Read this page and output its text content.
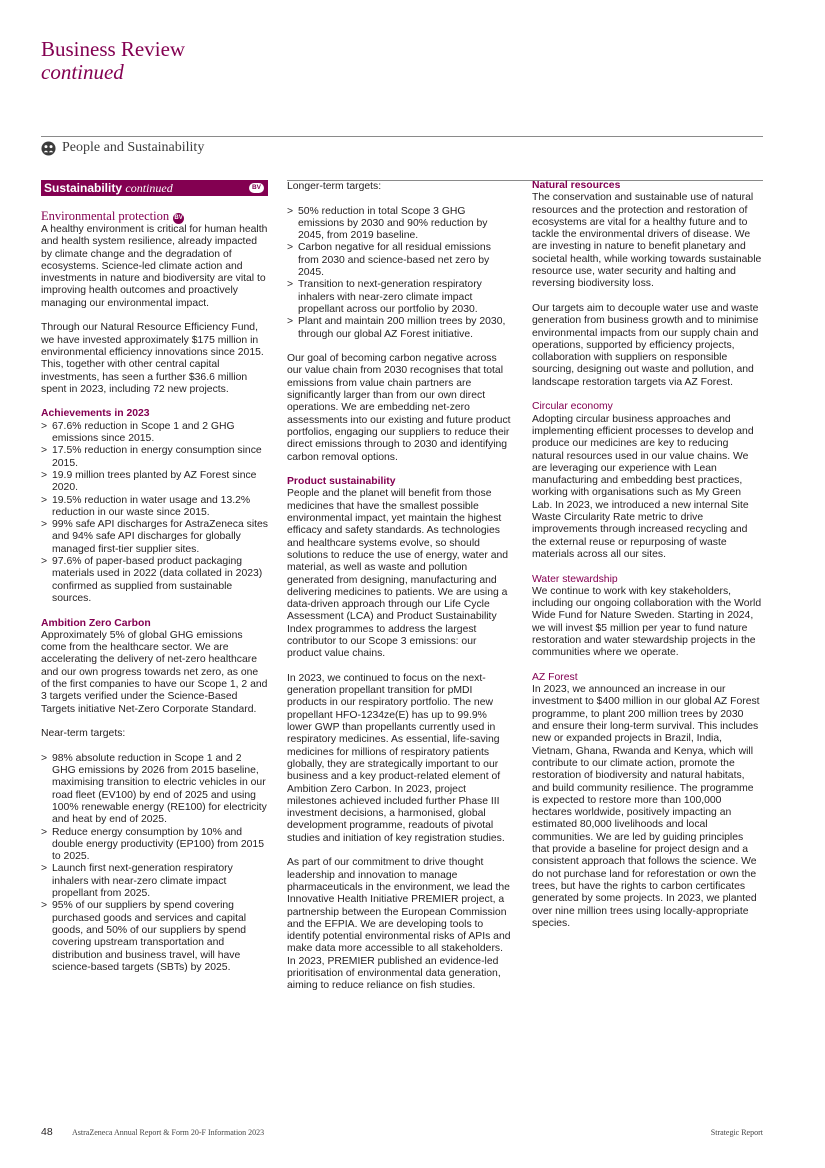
Business Review
continued
People and Sustainability
Sustainability continued	BV
Environmental protection BV

A healthy environment is critical for human health and health system resilience, already impacted by climate change and the degradation of ecosystems. Science-led climate action and investments in nature and biodiversity are vital to improving health outcomes and proactively managing our environmental impact.

Through our Natural Resource Efficiency Fund, we have invested approximately $175 million in environmental efficiency innovations since 2015. This, together with other central capital investments, has seen a further $36.6 million spent in 2023, including 72 new projects.

Achievements in 2023
> 67.6% reduction in Scope 1 and 2 GHG emissions since 2015.
> 17.5% reduction in energy consumption since 2015.
> 19.9 million trees planted by AZ Forest since 2020.
> 19.5% reduction in water usage and 13.2% reduction in our waste since 2015.
> 99% safe API discharges for AstraZeneca sites and 94% safe API discharges for globally managed first-tier supplier sites.
> 97.6% of paper-based product packaging materials used in 2022 (data collated in 2023) confirmed as supplied from sustainable sources.
Ambition Zero Carbon

Approximately 5% of global GHG emissions come from the healthcare sector. We are accelerating the delivery of net-zero healthcare and our own progress towards net zero, as one of the first companies to have our Scope 1, 2 and 3 targets verified under the Science-Based Targets initiative Net-Zero Corporate Standard.

Near-term targets:

> 98% absolute reduction in Scope 1 and 2 GHG emissions by 2026 from 2015 baseline, maximising transition to electric vehicles in our road fleet (EV100) by end of 2025 and using 100% renewable energy (RE100) for electricity and heat by end of 2025.
> Reduce energy consumption by 10% and double energy productivity (EP100) from 2015 to 2025.
> Launch first next-generation respiratory inhalers with near-zero climate impact propellant from 2025.
> 95% of our suppliers by spend covering purchased goods and services and capital goods, and 50% of our suppliers by spend covering upstream transportation and distribution and business travel, will have science-based targets (SBTs) by 2025.

Longer-term targets:

> 50% reduction in total Scope 3 GHG emissions by 2030 and 90% reduction by 2045, from 2019 baseline.
> Carbon negative for all residual emissions from 2030 and science-based net zero by 2045.
> Transition to next-generation respiratory inhalers with near-zero climate impact propellant across our portfolio by 2030.
> Plant and maintain 200 million trees by 2030, through our global AZ Forest initiative.

Our goal of becoming carbon negative across our value chain from 2030 recognises that total emissions from value chain partners are significantly larger than from our own direct operations. We are embedding net-zero assessments into our existing and future product portfolios, engaging our suppliers to reduce their direct emissions through to 2030 and identifying carbon removal options.

Product sustainability

People and the planet will benefit from those medicines that have the smallest possible environmental impact, yet maintain the highest efficacy and safety standards. As technologies and healthcare systems evolve, so should solutions to reduce the use of energy, water and material, as well as waste and pollution generated from designing, manufacturing and delivering medicines to patients. We are using a data-driven approach through our Life Cycle Assessment (LCA) and Product Sustainability Index programmes to address the largest contributor to our Scope 3 emissions: our product value chains.

In 2023, we continued to focus on the next-generation propellant transition for pMDI products in our respiratory portfolio. The new propellant HFO-1234ze(E) has up to 99.9% lower GWP than propellants currently used in respiratory medicines. As essential, life-saving medicines for millions of respiratory patients globally, they are strategically important to our business and a key product-related element of Ambition Zero Carbon. In 2023, project milestones achieved included further Phase III investment decisions, a harmonised, global development programme, readouts of pivotal studies and initiation of key registration studies.

As part of our commitment to drive thought leadership and innovation to manage pharmaceuticals in the environment, we lead the Innovative Health Initiative PREMIER project, a partnership between the European Commission and the EFPIA. We are developing tools to identify potential environmental risks of APIs and make data more accessible to all stakeholders. In 2023, PREMIER published an evidence-led prioritisation of environmental data generation, aiming to reduce reliance on fish studies.

Natural resources

The conservation and sustainable use of natural resources and the protection and restoration of ecosystems are vital for a healthy future and to tackle the environmental drivers of disease. We are investing in nature to benefit planetary and societal health, while working towards sustainable resource use, water security and halting and reversing biodiversity loss.

Our targets aim to decouple water use and waste generation from business growth and to minimise environmental impacts from our supply chain and operations, supported by efficiency projects, collaboration with suppliers on responsible sourcing, designing out waste and pollution, and landscape restoration targets via AZ Forest.

Circular economy

Adopting circular business approaches and implementing efficient processes to develop and produce our medicines are key to reducing natural resources used in our value chains. We are leveraging our experience with Lean manufacturing and embedding best practices, working with organisations such as My Green Lab. In 2023, we introduced a new internal Site Waste Circularity Rate metric to drive improvements through increased recycling and the external reuse or repurposing of waste materials across all our sites.

Water stewardship

We continue to work with key stakeholders, including our ongoing collaboration with the World Wide Fund for Nature Sweden. Starting in 2024, we will invest $5 million per year to fund nature restoration and water stewardship projects in the communities where we operate.

AZ Forest

In 2023, we announced an increase in our investment to $400 million in our global AZ Forest programme, to plant 200 million trees by 2030 and ensure their long-term survival. This includes new or expanded projects in Brazil, India, Vietnam, Ghana, Rwanda and Kenya, which will contribute to our climate action, promote the restoration of biodiversity and natural habitats, and build community resilience. The programme is expected to restore more than 100,000 hectares worldwide, positively impacting an estimated 80,000 livelihoods and local communities. We are led by guiding principles that provide a baseline for project design and a consistent approach that follows the science. We do not purchase land for reforestation or own the trees, but have the rights to carbon certificates generated by some projects. In 2023, we planted over nine million trees using locally-appropriate species.

48 AstraZeneca Annual Report & Form 20-F Information 2023	Strategic Report
